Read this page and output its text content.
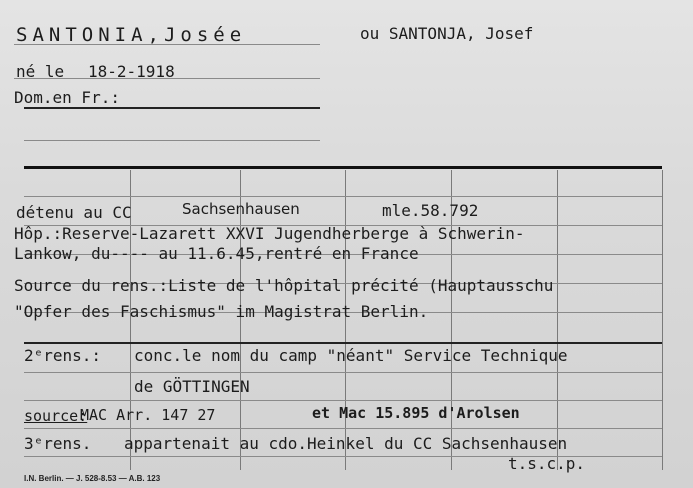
SANTONIA,Josée	ou SANTONJA, Josef
né le 18-2-1918
Dom.en Fr.:
détenu au CC	Sachsenhausen	mle.58.792
Hôp.:Reserve-Lazarett XXVI Jugendherberge à Schwerin-
Lankow, du---- au 11.6.45,rentré en France
Source du rens.:Liste de l'hôpital précité (Hauptausschu
"Opfer des Faschismus" im Magistrat Berlin.
2ᵉrens.: conc.le nom du camp "néant" Service Technique
de GÖTTINGEN
source:
MAC Arr. 147 27	et Mac 15.895 d'Arolsen
3ᵉrens. appartenait au cdo.Heinkel du CC Sachsenhausen
t.s.c.p.
I.N. Berlin. — J. 528-8.53 — A.B. 123
